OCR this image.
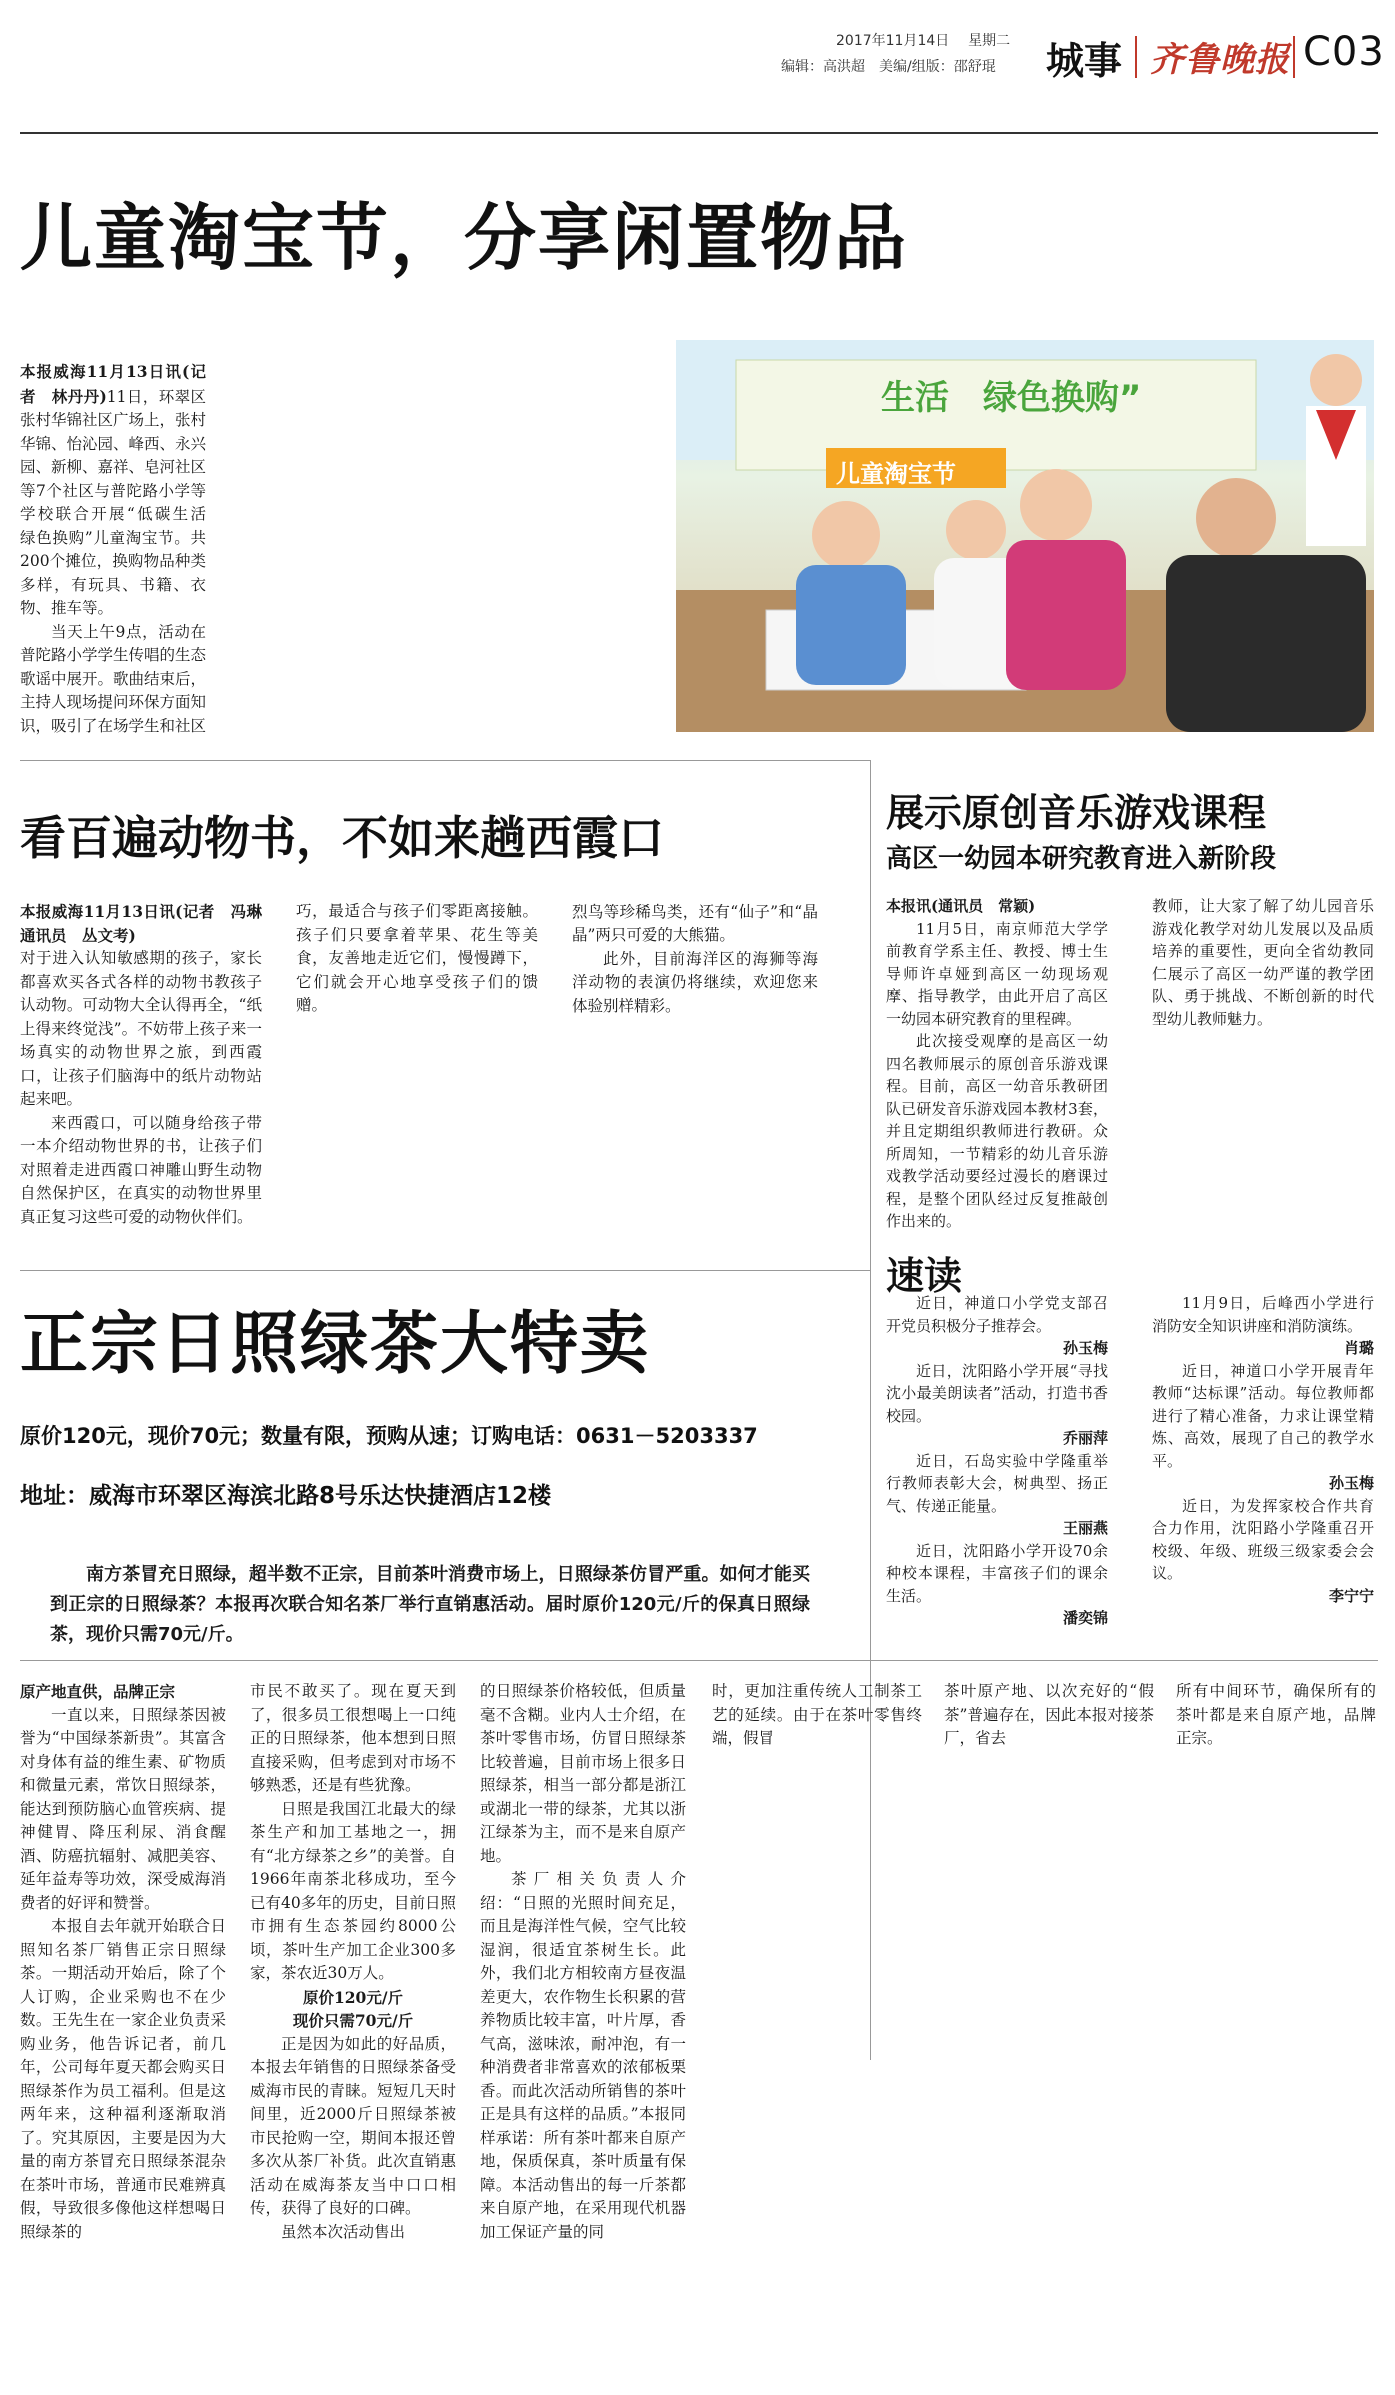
2017年11月14日 星期二
编辑：高洪超　美编/组版：邵舒琨 城事 齐鲁晚报 C03
儿童淘宝节，分享闲置物品

本报威海11月13日讯(记者　林丹丹)11日，环翠区张村华锦社区广场上，张村华锦、怡沁园、峰西、永兴园、新柳、嘉祥、皂河社区等7个社区与普陀路小学等学校联合开展“低碳生活　绿色换购”儿童淘宝节。共200个摊位，换购物品种类多样，有玩具、书籍、衣物、推车等。

当天上午9点，活动在普陀路小学学生传唱的生态歌谣中展开。歌曲结束后，主持人现场提问环保方面知识，吸引了在场学生和社区

生活　绿色换购”
儿童淘宝节
看百遍动物书，不如来趟西霞口

本报威海11月13日讯(记者　冯琳　通讯员　丛文考)

对于进入认知敏感期的孩子，家长都喜欢买各式各样的动物书教孩子认动物。可动物大全认得再全，“纸上得来终觉浅”。不妨带上孩子来一场真实的动物世界之旅，到西霞口，让孩子们脑海中的纸片动物站起来吧。

来西霞口，可以随身给孩子带一本介绍动物世界的书，让孩子们对照着走进西霞口神雕山野生动物自然保护区，在真实的动物世界里真正复习这些可爱的动物伙伴们。

巧，最适合与孩子们零距离接触。孩子们只要拿着苹果、花生等美食，友善地走近它们，慢慢蹲下，它们就会开心地享受孩子们的馈赠。

烈鸟等珍稀鸟类，还有“仙子”和“晶晶”两只可爱的大熊猫。

此外，目前海洋区的海狮等海洋动物的表演仍将继续，欢迎您来体验别样精彩。

展示原创音乐游戏课程
高区一幼园本研究教育进入新阶段

本报讯(通讯员　常颖)

11月5日，南京师范大学学前教育学系主任、教授、博士生导师许卓娅到高区一幼现场观摩、指导教学，由此开启了高区一幼园本研究教育的里程碑。

此次接受观摩的是高区一幼四名教师展示的原创音乐游戏课程。目前，高区一幼音乐教研团队已研发音乐游戏园本教材3套，并且定期组织教师进行教研。众所周知，一节精彩的幼儿音乐游戏教学活动要经过漫长的磨课过程，是整个团队经过反复推敲创作出来的。

教师，让大家了解了幼儿园音乐游戏化教学对幼儿发展以及品质培养的重要性，更向全省幼教同仁展示了高区一幼严谨的教学团队、勇于挑战、不断创新的时代型幼儿教师魅力。

速读

近日，神道口小学党支部召开党员积极分子推荐会。

孙玉梅

近日，沈阳路小学开展“寻找沈小最美朗读者”活动，打造书香校园。

乔丽萍

近日，石岛实验中学隆重举行教师表彰大会，树典型、扬正气、传递正能量。

王丽燕

近日，沈阳路小学开设70余种校本课程，丰富孩子们的课余生活。

潘奕锦

11月9日，后峰西小学进行消防安全知识讲座和消防演练。

肖璐

近日，神道口小学开展青年教师“达标课”活动。每位教师都进行了精心准备，力求让课堂精炼、高效，展现了自己的教学水平。

孙玉梅

近日，为发挥家校合作共育合力作用，沈阳路小学隆重召开校级、年级、班级三级家委会会议。

李宁宁

正宗日照绿茶大特卖
原价120元，现价70元；数量有限，预购从速；订购电话：0631－5203337
地址：威海市环翠区海滨北路8号乐达快捷酒店12楼

南方茶冒充日照绿，超半数不正宗，目前茶叶消费市场上，日照绿茶仿冒严重。如何才能买到正宗的日照绿茶？本报再次联合知名茶厂举行直销惠活动。届时原价120元/斤的保真日照绿茶，现价只需70元/斤。

原产地直供，品牌正宗

一直以来，日照绿茶因被誉为“中国绿茶新贵”。其富含对身体有益的维生素、矿物质和微量元素，常饮日照绿茶，能达到预防脑心血管疾病、提神健胃、降压利尿、消食醒酒、防癌抗辐射、减肥美容、延年益寿等功效，深受威海消费者的好评和赞誉。

本报自去年就开始联合日照知名茶厂销售正宗日照绿茶。一期活动开始后，除了个人订购，企业采购也不在少数。王先生在一家企业负责采购业务，他告诉记者，前几年，公司每年夏天都会购买日照绿茶作为员工福利。但是这两年来，这种福利逐渐取消了。究其原因，主要是因为大量的南方茶冒充日照绿茶混杂在茶叶市场，普通市民难辨真假，导致很多像他这样想喝日照绿茶的

市民不敢买了。现在夏天到了，很多员工很想喝上一口纯正的日照绿茶，他本想到日照直接采购，但考虑到对市场不够熟悉，还是有些犹豫。

日照是我国江北最大的绿茶生产和加工基地之一，拥有“北方绿茶之乡”的美誉。自1966年南茶北移成功，至今已有40多年的历史，目前日照市拥有生态茶园约8000公顷，茶叶生产加工企业300多家，茶农近30万人。

原价120元/斤

现价只需70元/斤

正是因为如此的好品质，本报去年销售的日照绿茶备受威海市民的青睐。短短几天时间里，近2000斤日照绿茶被市民抢购一空，期间本报还曾多次从茶厂补货。此次直销惠活动在威海茶友当中口口相传，获得了良好的口碑。

虽然本次活动售出

的日照绿茶价格较低，但质量毫不含糊。业内人士介绍，在茶叶零售市场，仿冒日照绿茶比较普遍，目前市场上很多日照绿茶，相当一部分都是浙江或湖北一带的绿茶，尤其以浙江绿茶为主，而不是来自原产地。

茶厂相关负责人介绍：“日照的光照时间充足，而且是海洋性气候，空气比较湿润，很适宜茶树生长。此外，我们北方相较南方昼夜温差更大，农作物生长积累的营养物质比较丰富，叶片厚，香气高，滋味浓，耐冲泡，有一种消费者非常喜欢的浓郁板栗香。而此次活动所销售的茶叶正是具有这样的品质。”本报同样承诺：所有茶叶都来自原产地，保质保真，茶叶质量有保障。本活动售出的每一斤茶都来自原产地，在采用现代机器加工保证产量的同

时，更加注重传统人工制茶工艺的延续。由于在茶叶零售终端，假冒

茶叶原产地、以次充好的“假茶”普遍存在，因此本报对接茶厂，省去

所有中间环节，确保所有的茶叶都是来自原产地，品牌正宗。
